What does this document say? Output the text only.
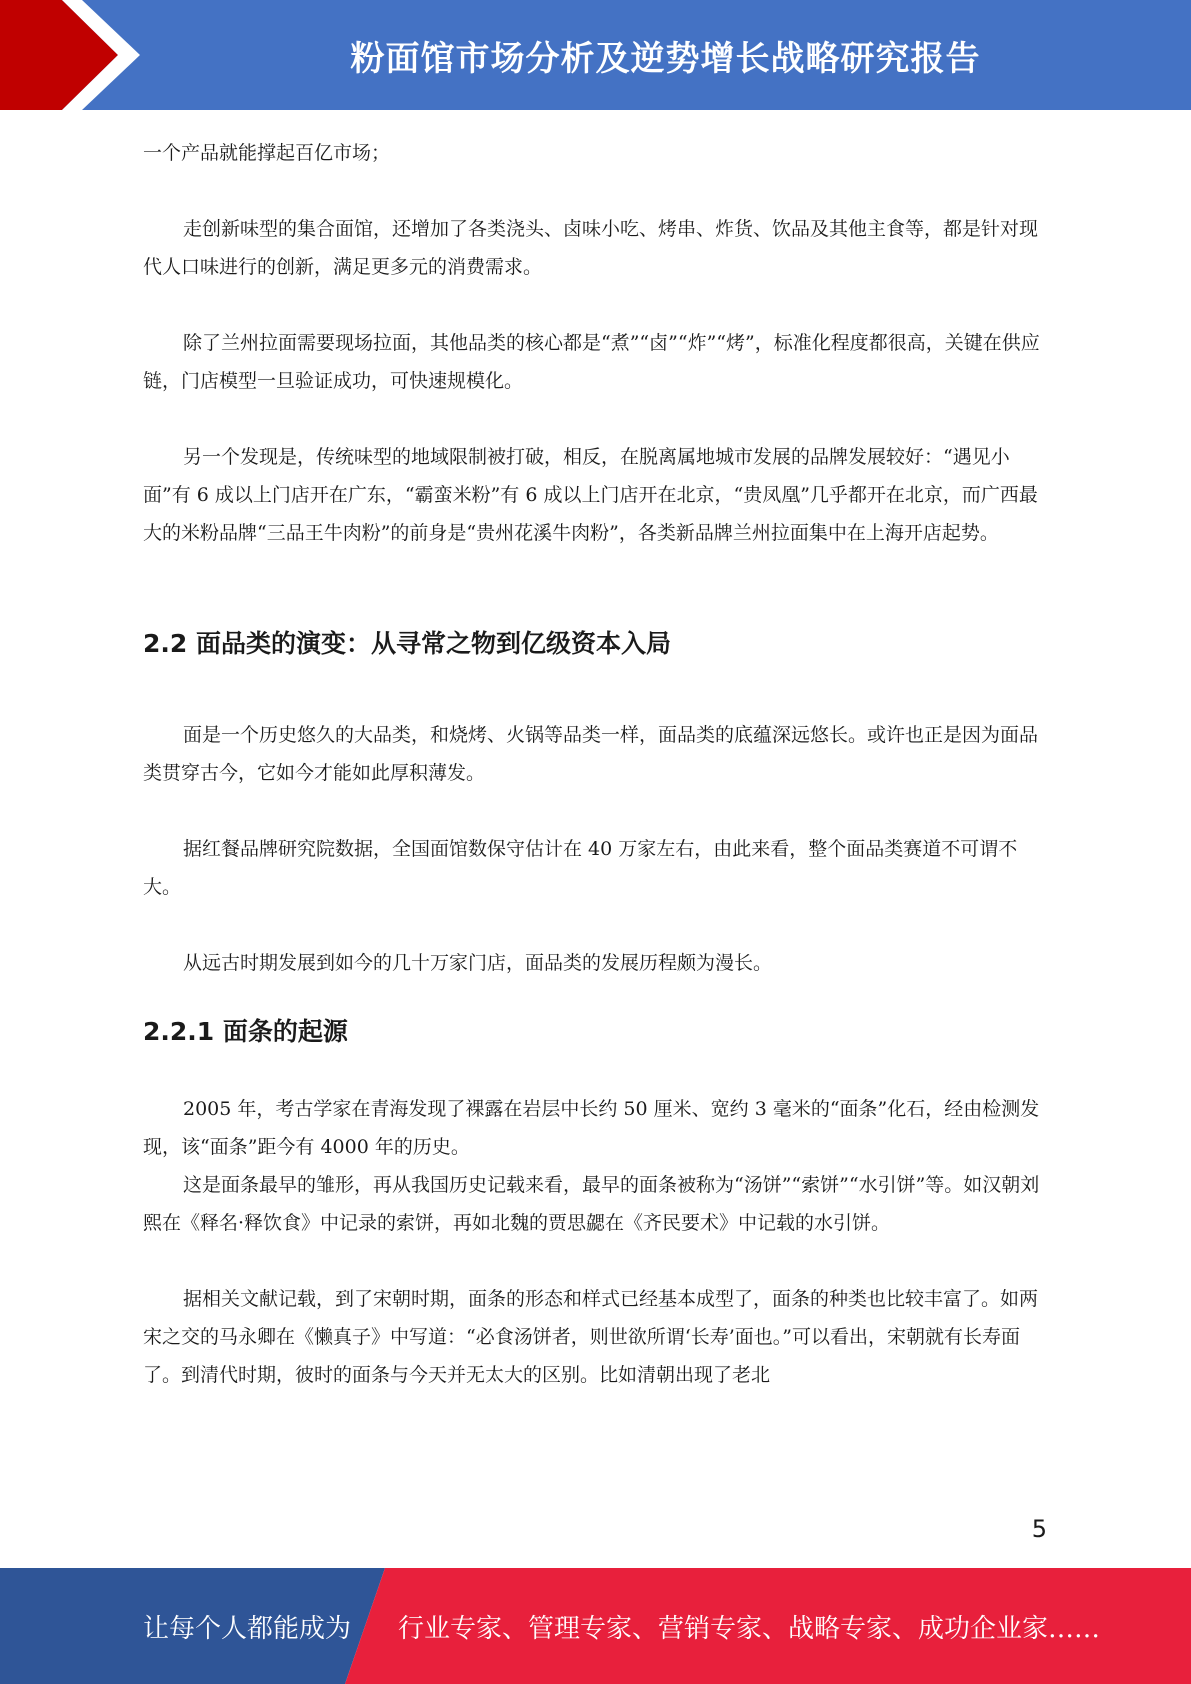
粉面馆市场分析及逆势增长战略研究报告

一个产品就能撑起百亿市场；

走创新味型的集合面馆，还增加了各类浇头、卤味小吃、烤串、炸货、饮品及其他主食等，都是针对现代人口味进行的创新，满足更多元的消费需求。

除了兰州拉面需要现场拉面，其他品类的核心都是“煮”“卤”“炸”“烤”，标准化程度都很高，关键在供应链，门店模型一旦验证成功，可快速规模化。

另一个发现是，传统味型的地域限制被打破，相反，在脱离属地城市发展的品牌发展较好：“遇见小面”有 6 成以上门店开在广东，“霸蛮米粉”有 6 成以上门店开在北京，“贵凤凰”几乎都开在北京，而广西最大的米粉品牌“三品王牛肉粉”的前身是“贵州花溪牛肉粉”，各类新品牌兰州拉面集中在上海开店起势。

2.2 面品类的演变：从寻常之物到亿级资本入局

面是一个历史悠久的大品类，和烧烤、火锅等品类一样，面品类的底蕴深远悠长。或许也正是因为面品类贯穿古今，它如今才能如此厚积薄发。

据红餐品牌研究院数据，全国面馆数保守估计在 40 万家左右，由此来看，整个面品类赛道不可谓不大。

从远古时期发展到如今的几十万家门店，面品类的发展历程颇为漫长。

2.2.1 面条的起源

2005 年，考古学家在青海发现了裸露在岩层中长约 50 厘米、宽约 3 毫米的“面条”化石，经由检测发现，该“面条”距今有 4000 年的历史。

这是面条最早的雏形，再从我国历史记载来看，最早的面条被称为“汤饼”“索饼”“水引饼”等。如汉朝刘熙在《释名·释饮食》中记录的索饼，再如北魏的贾思勰在《齐民要术》中记载的水引饼。

据相关文献记载，到了宋朝时期，面条的形态和样式已经基本成型了，面条的种类也比较丰富了。如两宋之交的马永卿在《懒真子》中写道：“必食汤饼者，则世欲所谓‘长寿’面也。”可以看出，宋朝就有长寿面了。到清代时期，彼时的面条与今天并无太大的区别。比如清朝出现了老北

5
让每个人都能成为 行业专家、管理专家、营销专家、战略专家、成功企业家……
